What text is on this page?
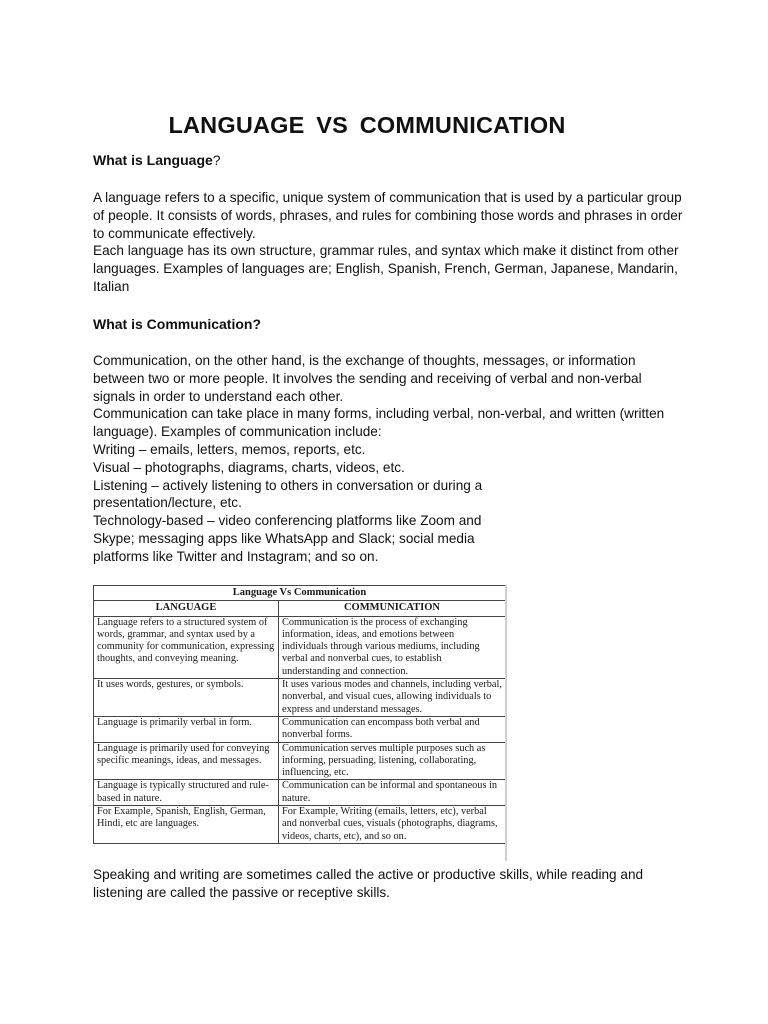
LANGUAGE VS COMMUNICATION

What is Language?

A language refers to a specific, unique system of communication that is used by a particular group of people. It consists of words, phrases, and rules for combining those words and phrases in order to communicate effectively.

Each language has its own structure, grammar rules, and syntax which make it distinct from other languages. Examples of languages are; English, Spanish, French, German, Japanese, Mandarin, Italian

What is Communication?

Communication, on the other hand, is the exchange of thoughts, messages, or information between two or more people. It involves the sending and receiving of verbal and non-verbal signals in order to understand each other.

Communication can take place in many forms, including verbal, non-verbal, and written (written language). Examples of communication include:

Writing – emails, letters, memos, reports, etc.

Visual – photographs, diagrams, charts, videos, etc.

Listening – actively listening to others in conversation or during a presentation/lecture, etc.

Technology-based – video conferencing platforms like Zoom and Skype; messaging apps like WhatsApp and Slack; social media platforms like Twitter and Instagram; and so on.

Language Vs Communication
LANGUAGE	COMMUNICATION
Language refers to a structured system of words, grammar, and syntax used by a community for communication, expressing thoughts, and conveying meaning.	Communication is the process of exchanging information, ideas, and emotions between individuals through various mediums, including verbal and nonverbal cues, to establish understanding and connection.
It uses words, gestures, or symbols.	It uses various modes and channels, including verbal, nonverbal, and visual cues, allowing individuals to express and understand messages.
Language is primarily verbal in form.	Communication can encompass both verbal and nonverbal forms.
Language is primarily used for conveying specific meanings, ideas, and messages.	Communication serves multiple purposes such as informing, persuading, listening, collaborating, influencing, etc.
Language is typically structured and rule-based in nature.	Communication can be informal and spontaneous in nature.
For Example, Spanish, English, German, Hindi, etc are languages.	For Example, Writing (emails, letters, etc), verbal and nonverbal cues, visuals (photographs, diagrams, videos, charts, etc), and so on.

Speaking and writing are sometimes called the active or productive skills, while reading and listening are called the passive or receptive skills.
